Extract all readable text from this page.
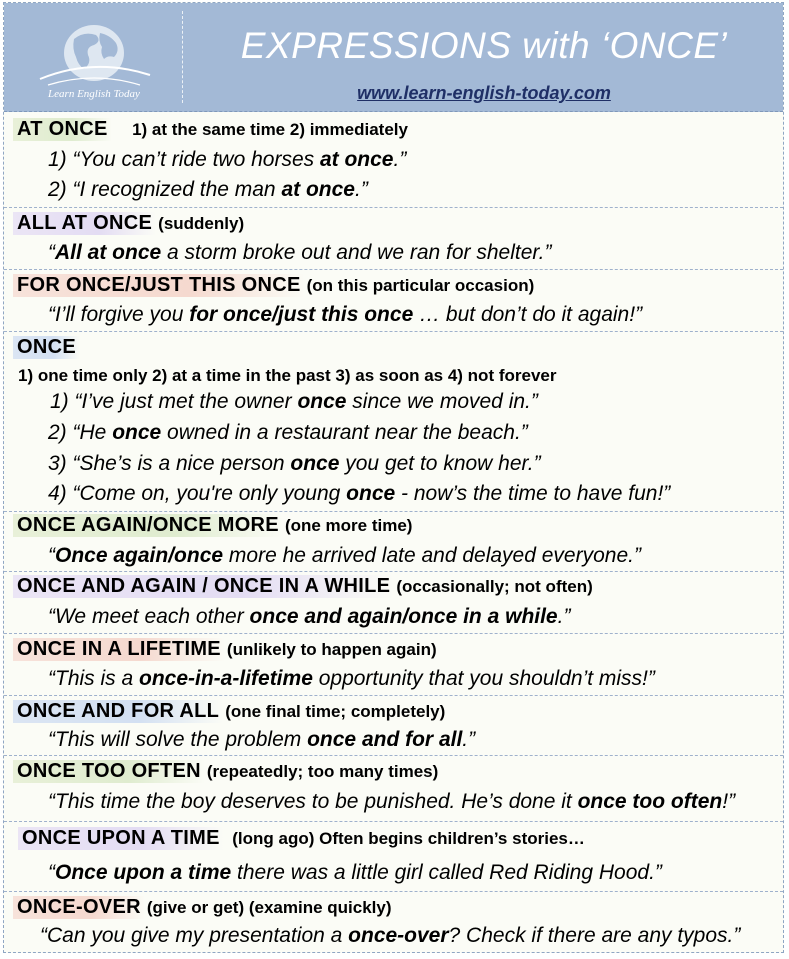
Learn English Today
EXPRESSIONS with ‘ONCE’
www.learn-english-today.com
AT ONCE 1) at the same time 2) immediately
1) “You can’t ride two horses at once.”
2) “I recognized the man at once.”
ALL AT ONCE (suddenly)
“All at once a storm broke out and we ran for shelter.”
FOR ONCE/JUST THIS ONCE (on this particular occasion)
“I’ll forgive you for once/just this once … but don’t do it again!”
ONCE
1) one time only 2) at a time in the past 3) as soon as 4) not forever
1) “I’ve just met the owner once since we moved in.”
2) “He once owned in a restaurant near the beach.”
3) “She’s is a nice person once you get to know her.”
4) “Come on, you're only young once - now’s the time to have fun!”
ONCE AGAIN/ONCE MORE (one more time)
“Once again/once more he arrived late and delayed everyone.”
ONCE AND AGAIN / ONCE IN A WHILE (occasionally; not often)
“We meet each other once and again/once in a while.”
ONCE IN A LIFETIME (unlikely to happen again)
“This is a once-in-a-lifetime opportunity that you shouldn’t miss!”
ONCE AND FOR ALL (one final time; completely)
“This will solve the problem once and for all.”
ONCE TOO OFTEN (repeatedly; too many times)
“This time the boy deserves to be punished. He’s done it once too often!”
ONCE UPON A TIME (long ago) Often begins children’s stories…
“Once upon a time there was a little girl called Red Riding Hood.”
ONCE-OVER (give or get) (examine quickly)
“Can you give my presentation a once-over? Check if there are any typos.”
